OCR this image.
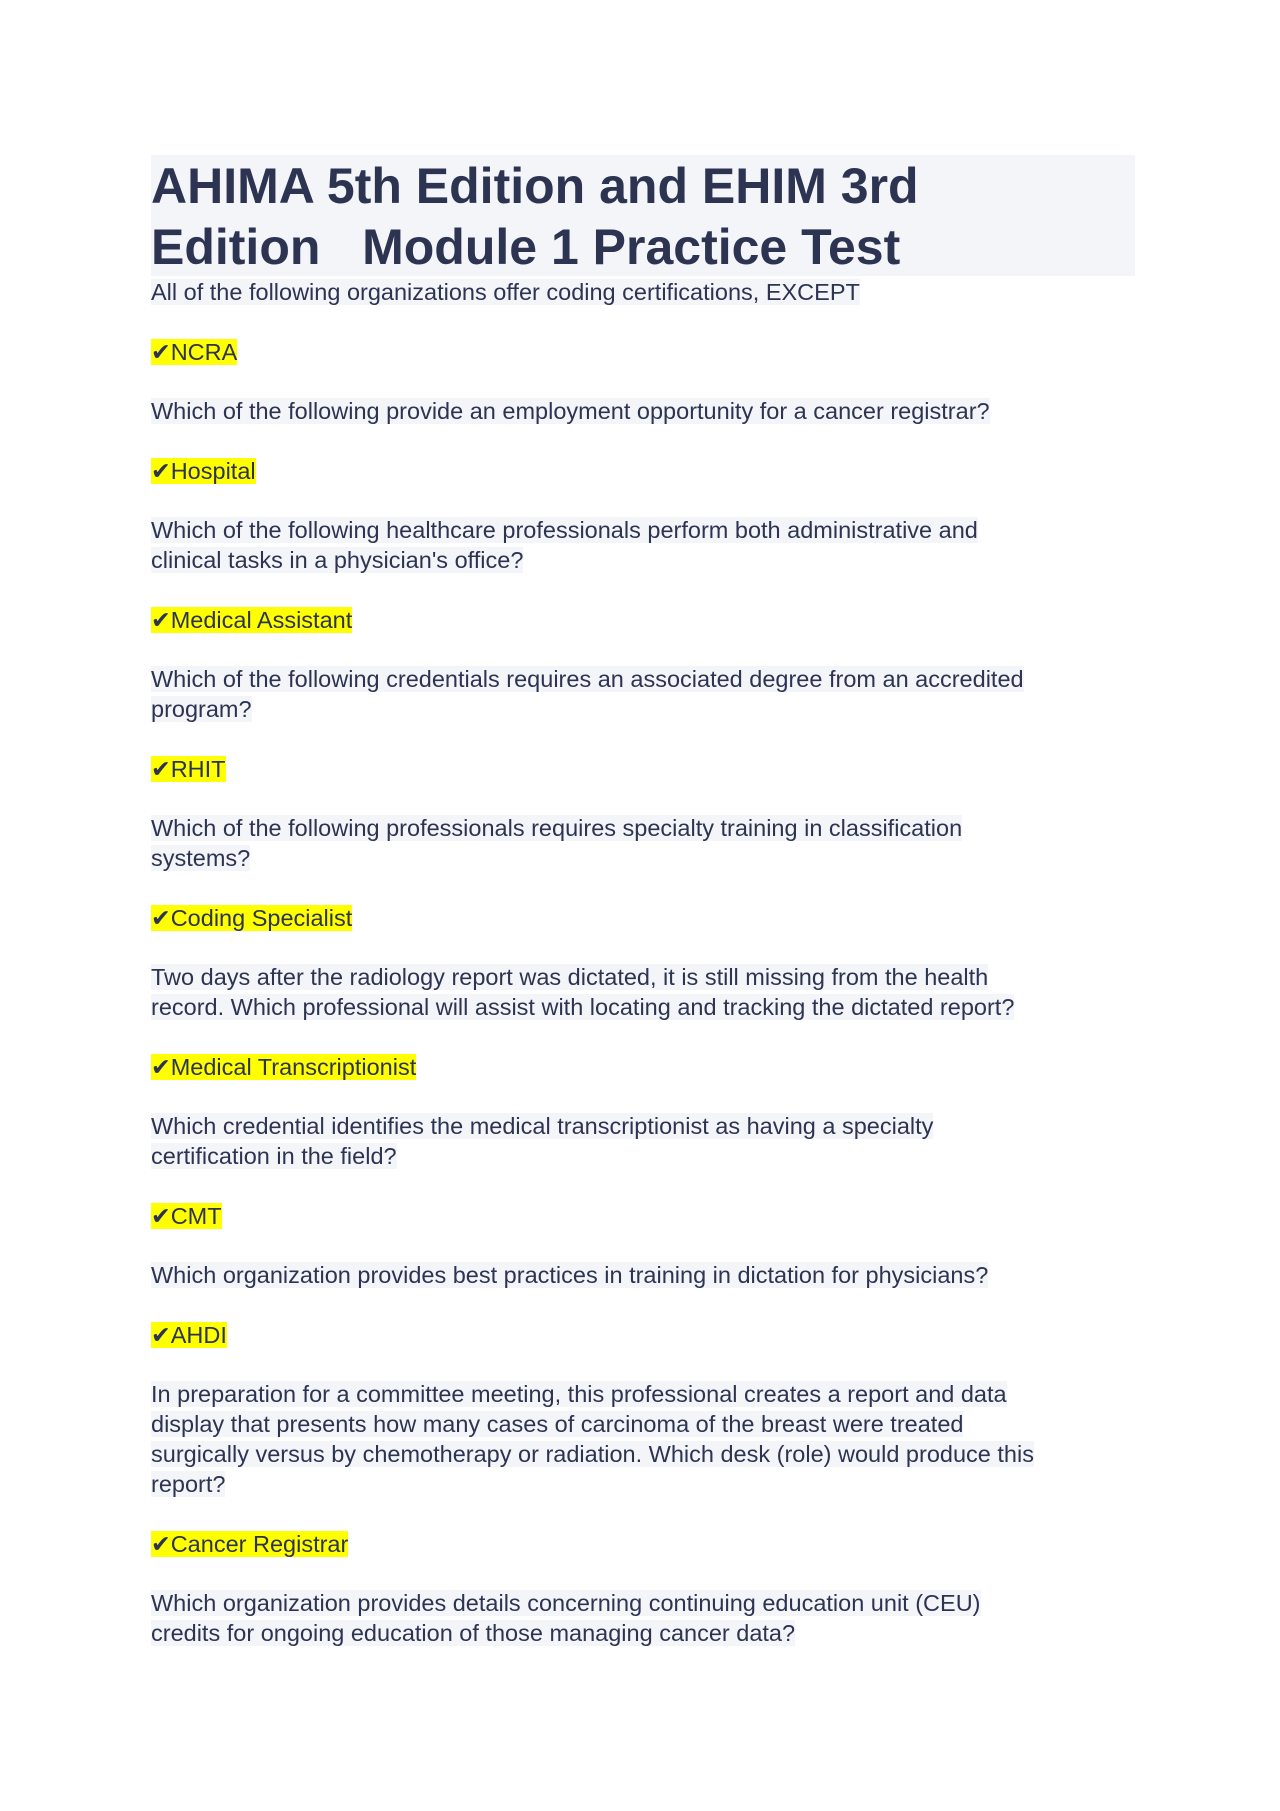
AHIMA 5th Edition and EHIM 3rd
Edition   Module 1 Practice Test
All of the following organizations offer coding certifications, EXCEPT
✔NCRA
Which of the following provide an employment opportunity for a cancer registrar?
✔Hospital
Which of the following healthcare professionals perform both administrative and
clinical tasks in a physician's office?
✔Medical Assistant
Which of the following credentials requires an associated degree from an accredited
program?
✔RHIT
Which of the following professionals requires specialty training in classification
systems?
✔Coding Specialist
Two days after the radiology report was dictated, it is still missing from the health
record. Which professional will assist with locating and tracking the dictated report?
✔Medical Transcriptionist
Which credential identifies the medical transcriptionist as having a specialty
certification in the field?
✔CMT
Which organization provides best practices in training in dictation for physicians?
✔AHDI
In preparation for a committee meeting, this professional creates a report and data
display that presents how many cases of carcinoma of the breast were treated
surgically versus by chemotherapy or radiation. Which desk (role) would produce this
report?
✔Cancer Registrar
Which organization provides details concerning continuing education unit (CEU)
credits for ongoing education of those managing cancer data?
